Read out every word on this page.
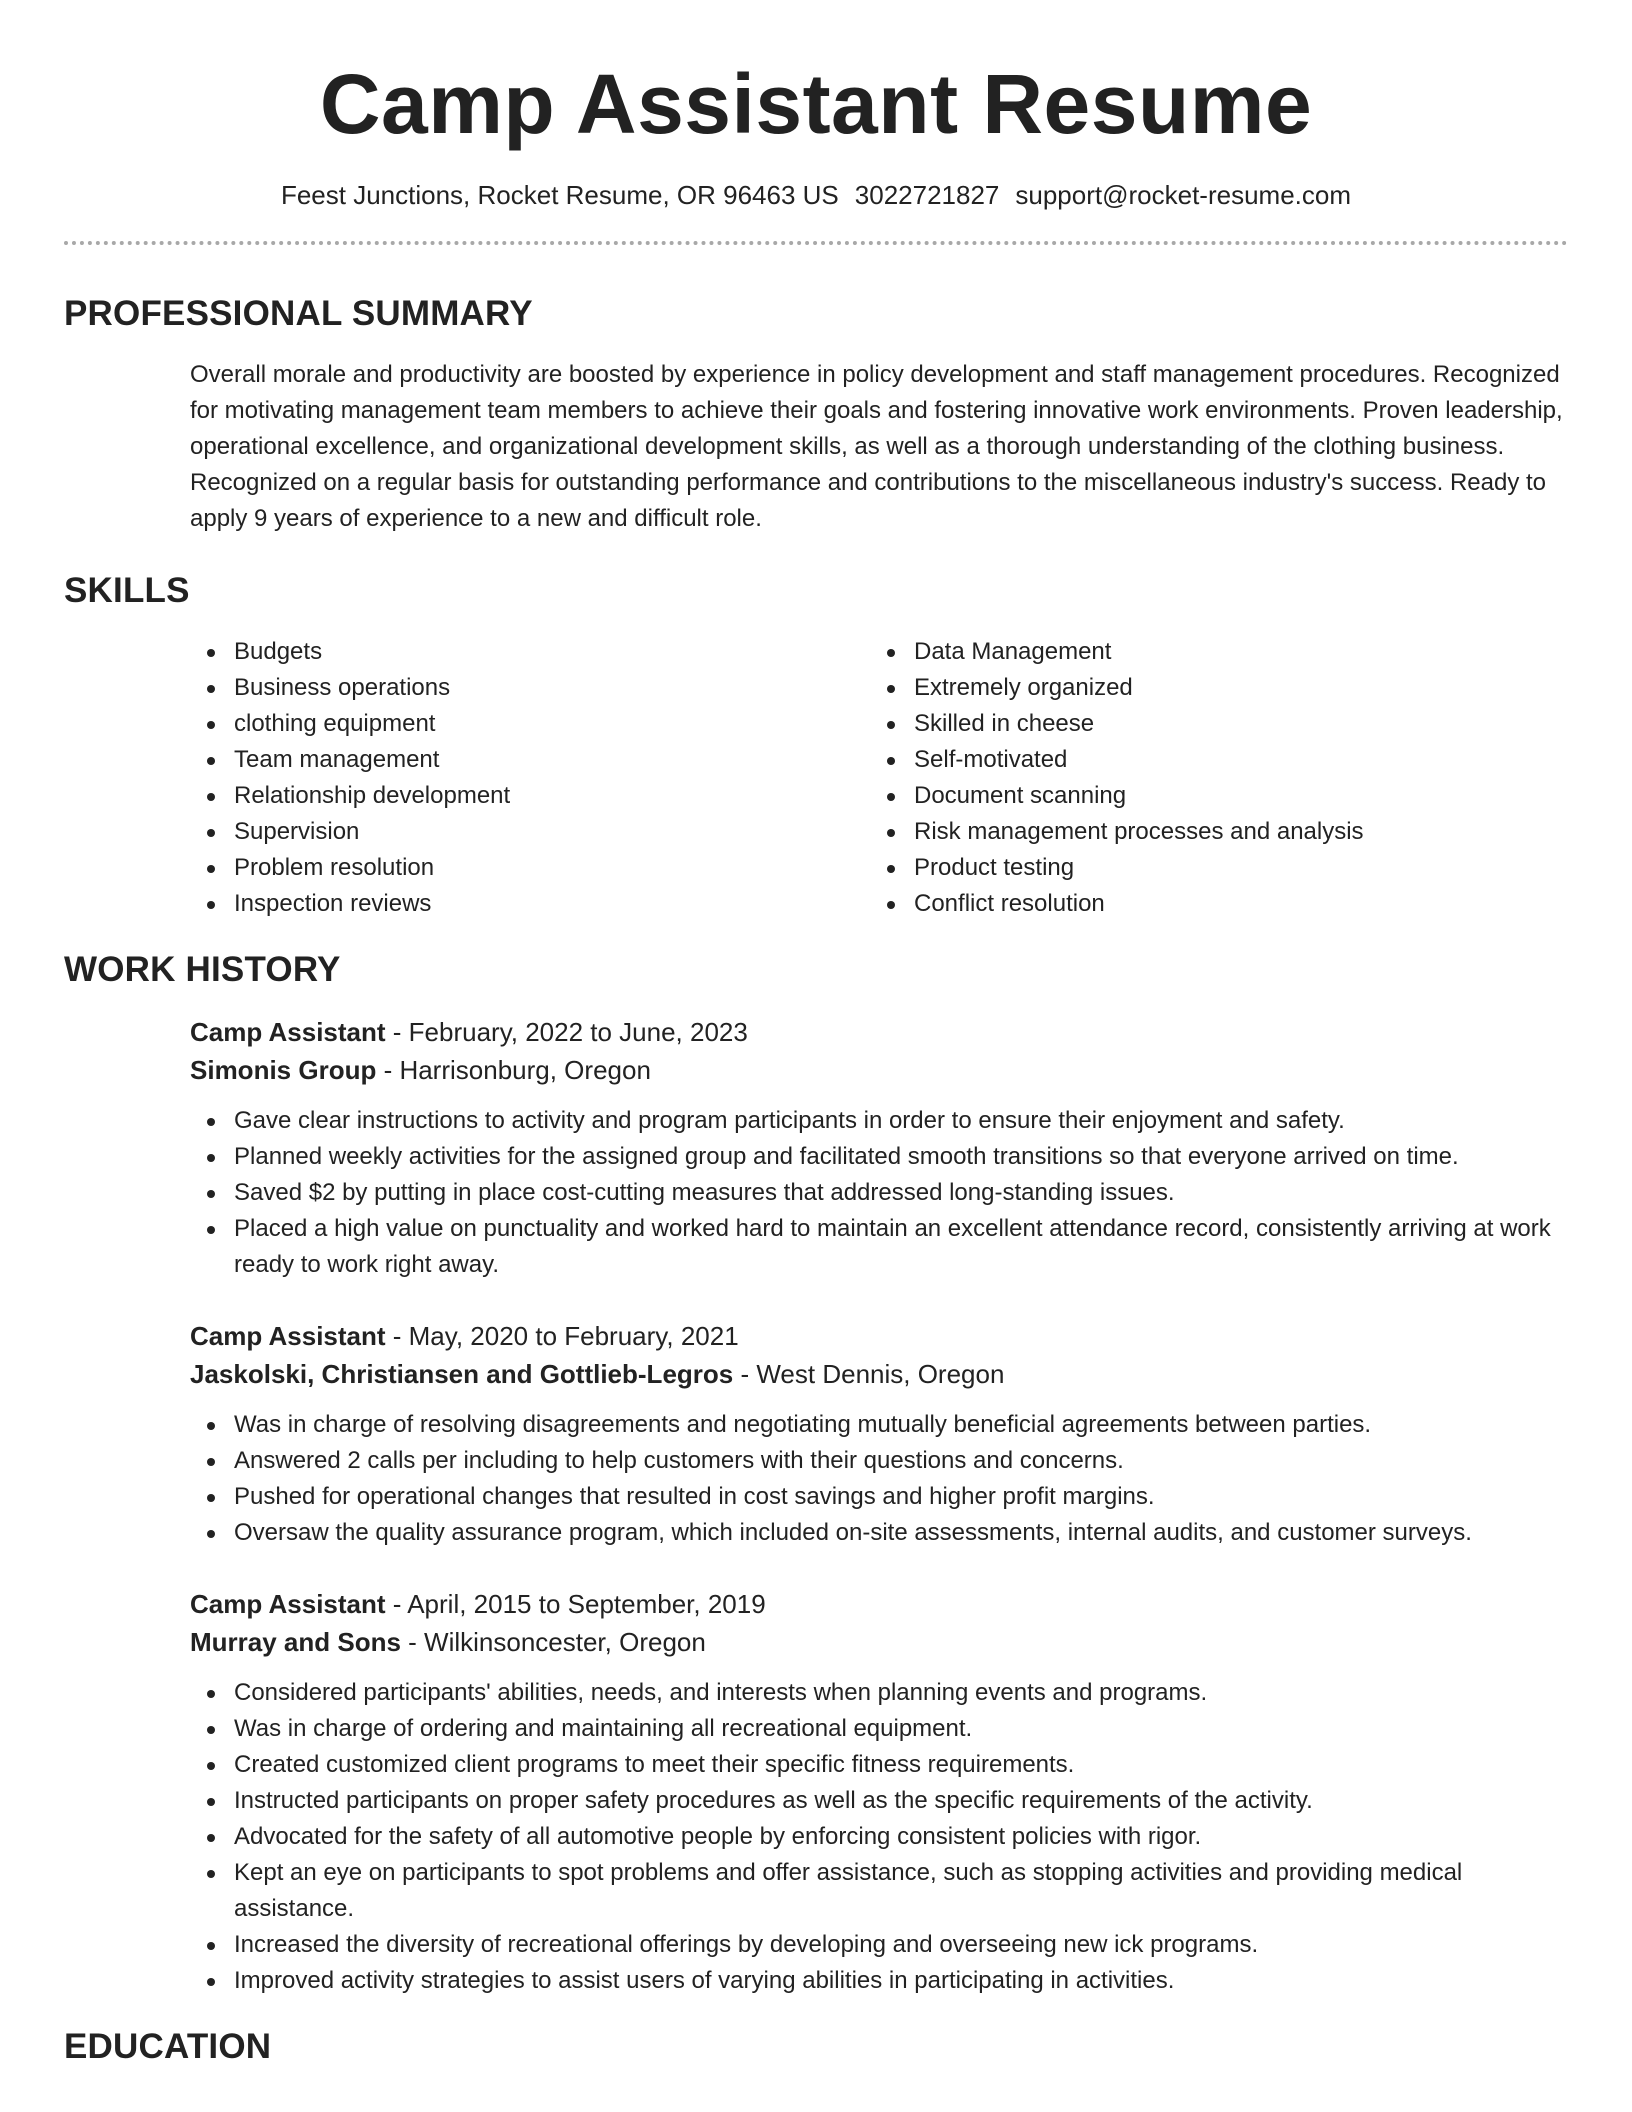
Camp Assistant Resume
Feest Junctions, Rocket Resume, OR 96463 US 3022721827 support@rocket-resume.com
PROFESSIONAL SUMMARY

Overall morale and productivity are boosted by experience in policy development and staff management procedures. Recognized for motivating management team members to achieve their goals and fostering innovative work environments. Proven leadership, operational excellence, and organizational development skills, as well as a thorough understanding of the clothing business. Recognized on a regular basis for outstanding performance and contributions to the miscellaneous industry's success. Ready to apply 9 years of experience to a new and difficult role.

SKILLS
Budgets
Business operations
clothing equipment
Team management
Relationship development
Supervision
Problem resolution
Inspection reviews
Data Management
Extremely organized
Skilled in cheese
Self-motivated
Document scanning
Risk management processes and analysis
Product testing
Conflict resolution
WORK HISTORY
Camp Assistant - February, 2022 to June, 2023
Simonis Group - Harrisonburg, Oregon
Gave clear instructions to activity and program participants in order to ensure their enjoyment and safety.
Planned weekly activities for the assigned group and facilitated smooth transitions so that everyone arrived on time.
Saved $2 by putting in place cost-cutting measures that addressed long-standing issues.
Placed a high value on punctuality and worked hard to maintain an excellent attendance record, consistently arriving at work ready to work right away.
Camp Assistant - May, 2020 to February, 2021
Jaskolski, Christiansen and Gottlieb-Legros - West Dennis, Oregon
Was in charge of resolving disagreements and negotiating mutually beneficial agreements between parties.
Answered 2 calls per including to help customers with their questions and concerns.
Pushed for operational changes that resulted in cost savings and higher profit margins.
Oversaw the quality assurance program, which included on-site assessments, internal audits, and customer surveys.
Camp Assistant - April, 2015 to September, 2019
Murray and Sons - Wilkinsoncester, Oregon
Considered participants' abilities, needs, and interests when planning events and programs.
Was in charge of ordering and maintaining all recreational equipment.
Created customized client programs to meet their specific fitness requirements.
Instructed participants on proper safety procedures as well as the specific requirements of the activity.
Advocated for the safety of all automotive people by enforcing consistent policies with rigor.
Kept an eye on participants to spot problems and offer assistance, such as stopping activities and providing medical assistance.
Increased the diversity of recreational offerings by developing and overseeing new ick programs.
Improved activity strategies to assist users of varying abilities in participating in activities.
EDUCATION
